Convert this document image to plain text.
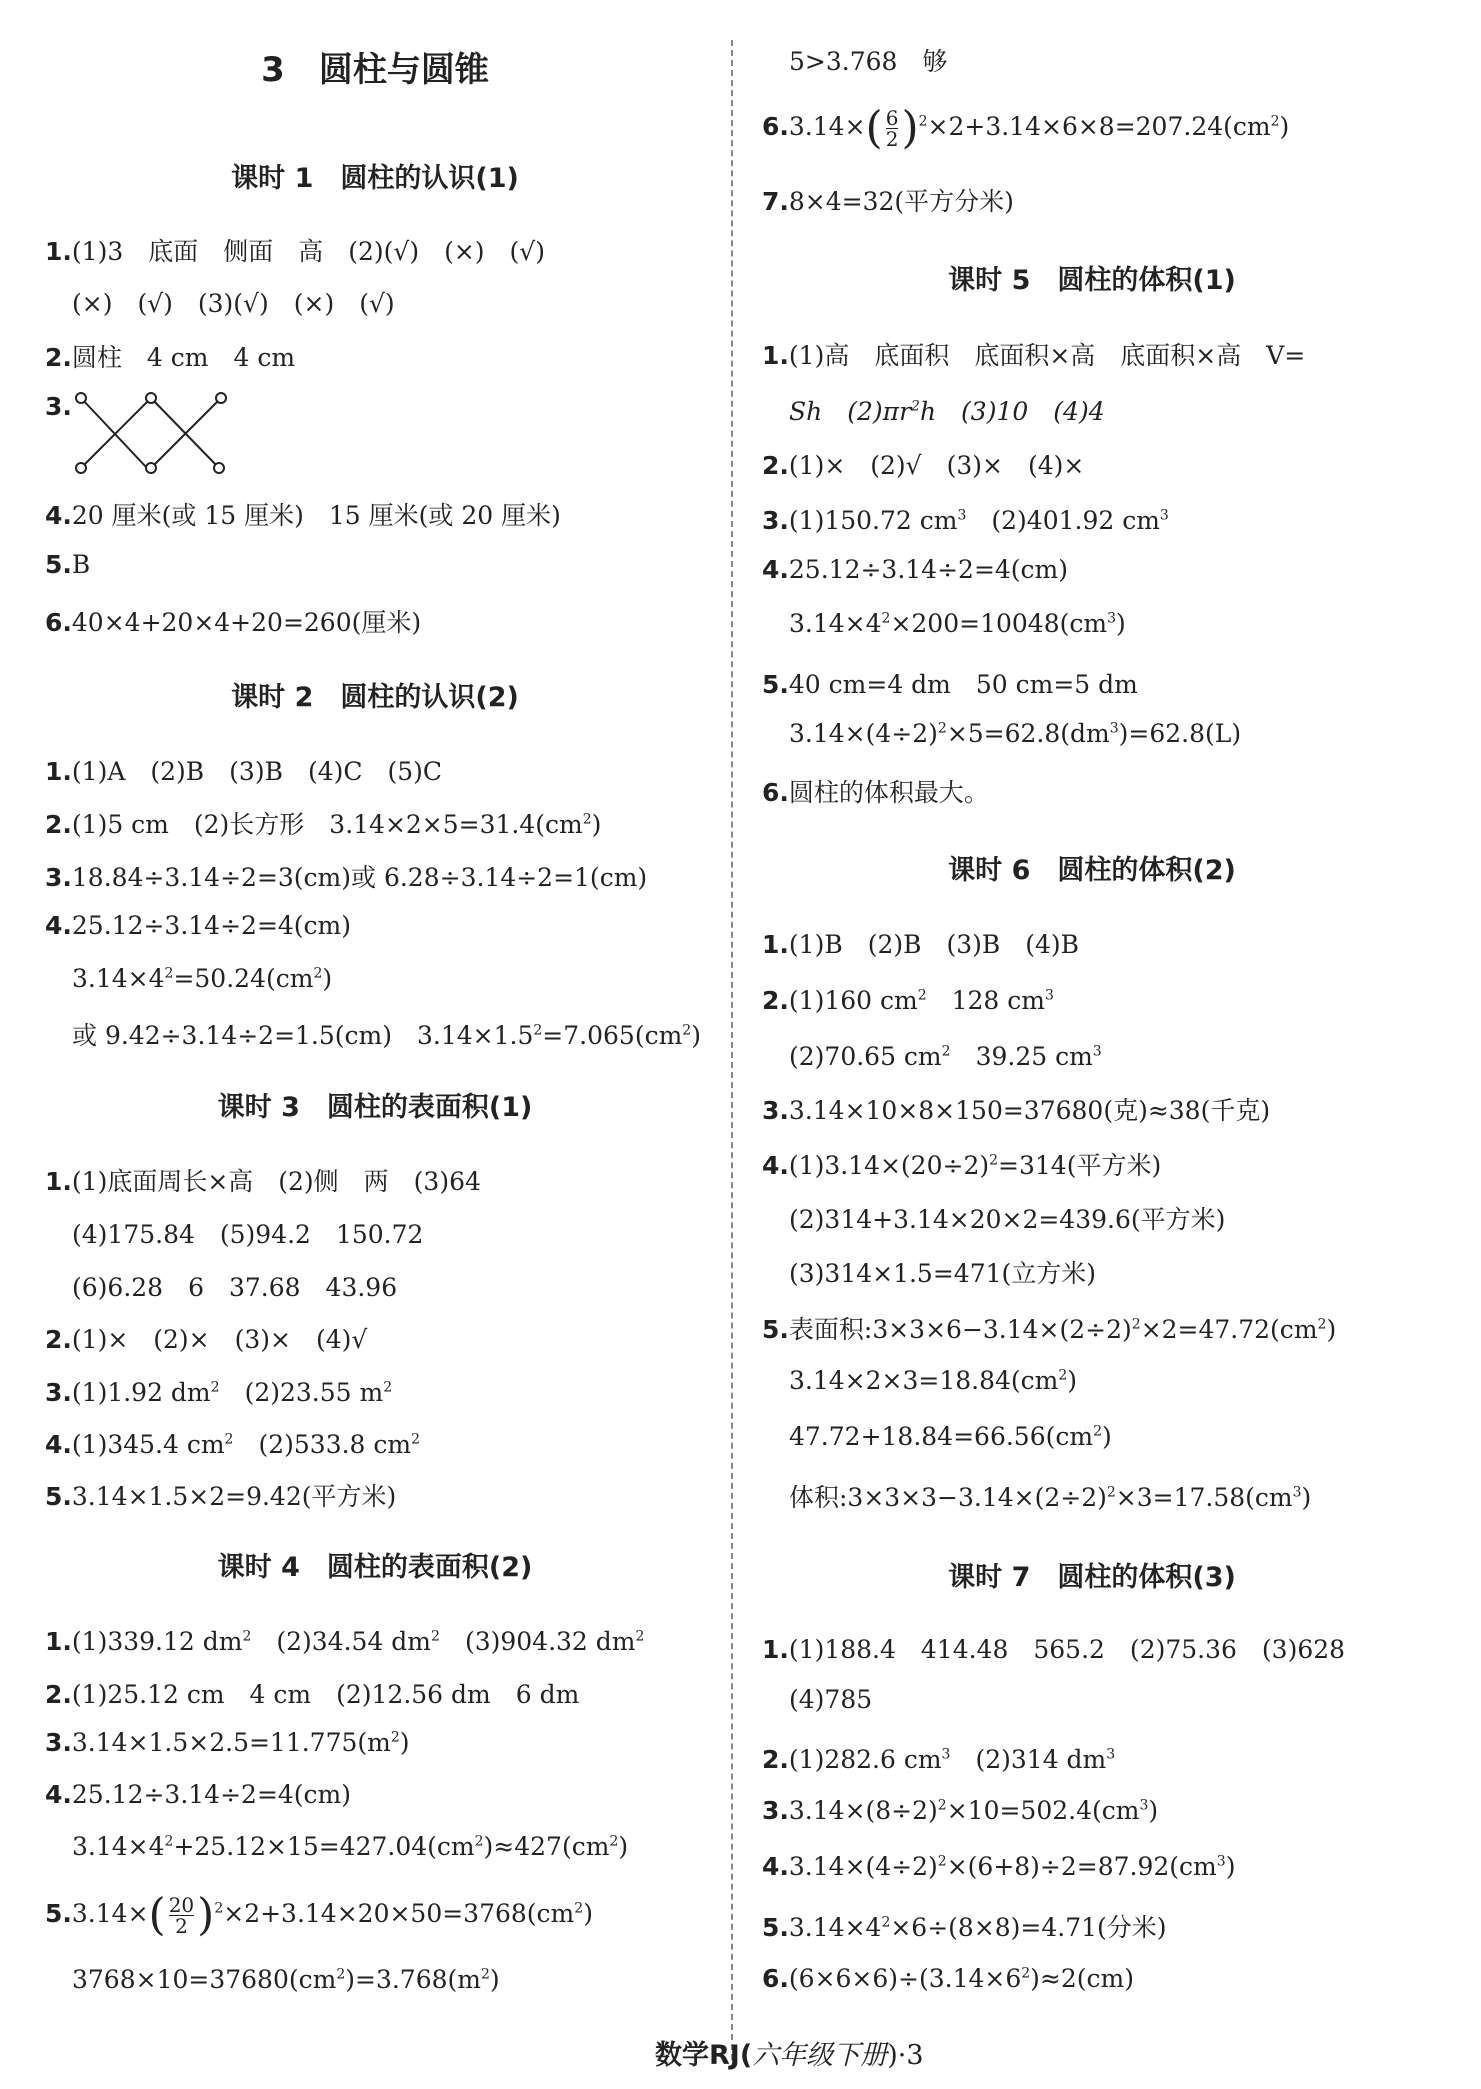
3　圆柱与圆锥
课时 1　圆柱的认识(1)
1.(1)3　底面　侧面　高　(2)(√)　(×)　(√)
(×)　(√)　(3)(√)　(×)　(√)
2.圆柱　4 cm　4 cm
3.
4.20 厘米(或 15 厘米)　15 厘米(或 20 厘米)
5.B
6.40×4+20×4+20=260(厘米)
课时 2　圆柱的认识(2)
1.(1)A　(2)B　(3)B　(4)C　(5)C
2.(1)5 cm　(2)长方形　$3.14\times 2\times 5=31.4(cm^2)$
3.18.84÷3.14÷2=3(cm)或 6.28÷3.14÷2=1(cm)
4.25.12÷3.14÷2=4(cm)
$3.14\times 4^2=50.24(cm^2)$
或 9.42÷3.14÷2=1.5(cm)　$3.14\times 1.5^2=7.065(cm^2)$
课时 3　圆柱的表面积(1)
1.(1)底面周长×高　(2)侧　两　(3)64
(4)175.84　(5)94.2　150.72
(6)6.28　6　37.68　43.96
2.(1)×　(2)×　(3)×　(4)√
3.(1)1.92 $dm^2$　(2)23.55 $m^2$
4.(1)345.4 $cm^2$　(2)533.8 $cm^2$
5.3.14×1.5×2=9.42(平方米)
课时 4　圆柱的表面积(2)
1.(1)339.12 $dm^2$　(2)34.54 $dm^2$　(3)904.32 $dm^2$
2.(1)25.12 cm　4 cm　(2)12.56 dm　6 dm
$3.3.14\times 1.5\times 2.5=11.775(m^2)$
4.25.12÷3.14÷2=4(cm)
$3.14\times 4^2+25.12\times 15=427.04(cm^2)\approx 427(cm^2)$
$5.3.14\times( \frac{20}{2} )^2\times 2+3.14\times 20\times 50=3768(cm^2)$
$3768\times 10=37680(cm^2)=3.768(m^2)$
5>3.768　够
$6.3.14\times( \frac{6}{2} )^2\times 2+3.14\times 6\times 8=207.24(cm^2)$
7.8×4=32(平方分米)
课时 5　圆柱的体积(1)
1.(1)高　底面积　底面积×高　底面积×高　V=
Sh　$(2)\pi r^2h$　(3)10　(4)4
2.(1)×　(2)√　(3)×　(4)×
3.(1)150.72 $cm^3$　(2)401.92 $cm^3$
4.25.12÷3.14÷2=4(cm)
$3.14\times 4^2\times 200=10048(cm^3)$
5.40 cm=4 dm　50 cm=5 dm
$3.14\times(4\div 2)^2\times 5=62.8(dm^3)=62.8(L)$
6.圆柱的体积最大。
课时 6　圆柱的体积(2)
1.(1)B　(2)B　(3)B　(4)B
2.(1)160 $cm^2$　128 $cm^3$
(2)70.65 $cm^2$　39.25 $cm^3$
3.3.14×10×8×150=37680(克)≈38(千克)
$4.(1)3.14\times(20\div 2)^2=314$(平方米)
(2)314+3.14×20×2=439.6(平方米)
(3)314×1.5=471(立方米)
5.表面积$:3\times 3\times 6-3.14\times(2\div 2)^2\times 2=47.72(cm^2)$
$3.14\times 2\times 3=18.84(cm^2)$
$47.72+18.84=66.56(cm^2)$
体积$:3\times 3\times 3-3.14\times(2\div 2)^2\times 3=17.58(cm^3)$
课时 7　圆柱的体积(3)
1.(1)188.4　414.48　565.2　(2)75.36　(3)628
(4)785
2.(1)282.6 $cm^3$　(2)314 $dm^3$
$3.3.14\times(8\div 2)^2\times 10=502.4(cm^3)$
$4.3.14\times(4\div 2)^2\times(6+8)\div 2=87.92(cm^3)$
$5.3.14\times 4^2\times 6\div(8\times 8)=4.71$(分米)
$6.(6\times 6\times 6)\div(3.14\times 6^2)\approx 2(cm)$
数学RJ(六年级下册)·3
